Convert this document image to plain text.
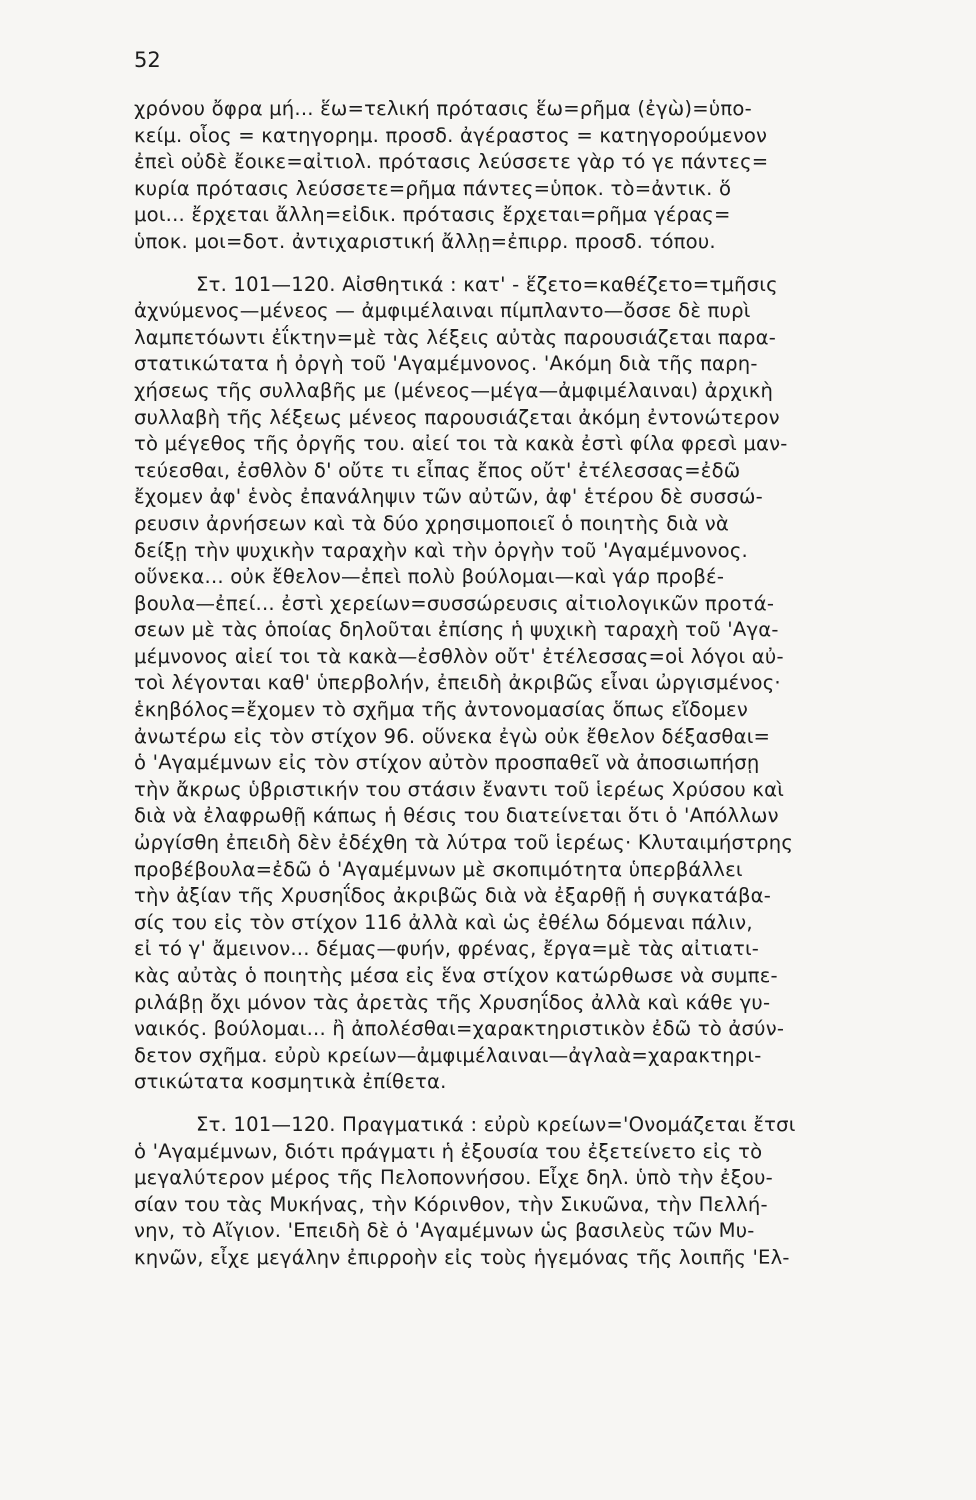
52

χρόνου ὄφρα μή... ἕω=τελική πρότασις ἕω=ρῆμα (ἐγὼ)=ὑπο-
κείμ. οἷος = κατηγορημ. προσδ. ἀγέραστος = κατηγορούμενον
ἐπεὶ οὐδὲ ἔοικε=αἰτιολ. πρότασις λεύσσετε γὰρ τό γε πάντες=
κυρία πρότασις λεύσσετε=ρῆμα πάντες=ὑποκ. τὸ=ἀντικ. ὅ
μοι... ἔρχεται ἄλλη=εἰδικ. πρότασις ἔρχεται=ρῆμα γέρας=
ὑποκ. μοι=δοτ. ἀντιχαριστική ἄλλῃ=ἐπιρρ. προσδ. τόπου.

Στ. 101—120. Αἰσθητικά : κατ' - ἕζετο=καθέζετο=τμῆσις
ἀχνύμενος—μένεος — ἀμφιμέλαιναι πίμπλαντο—ὄσσε δὲ πυρὶ
λαμπετόωντι ἐΐκτην=μὲ τὰς λέξεις αὐτὰς παρουσιάζεται παρα-
στατικώτατα ἡ ὀργὴ τοῦ 'Αγαμέμνονος. 'Ακόμη διὰ τῆς παρη-
χήσεως τῆς συλλαβῆς με (μένεος—μέγα—ἀμφιμέλαιναι) ἀρχικὴ
συλλαβὴ τῆς λέξεως μένεος παρουσιάζεται ἀκόμη ἐντονώτερον
τὸ μέγεθος τῆς ὀργῆς του. αἰεί τοι τὰ κακὰ ἐστὶ φίλα φρεσὶ μαν-
τεύεσθαι, ἐσθλὸν δ' οὔτε τι εἶπας ἔπος οὔτ' ἐτέλεσσας=ἐδῶ
ἔχομεν ἀφ' ἑνὸς ἐπανάληψιν τῶν αὐτῶν, ἀφ' ἑτέρου δὲ συσσώ-
ρευσιν ἀρνήσεων καὶ τὰ δύο χρησιμοποιεῖ ὁ ποιητὴς διὰ νὰ
δείξῃ τὴν ψυχικὴν ταραχὴν καὶ τὴν ὀργὴν τοῦ 'Αγαμέμνονος.
οὕνεκα... οὐκ ἔθελον—ἐπεὶ πολὺ βούλομαι—καὶ γάρ προβέ-
βουλα—ἐπεί... ἐστὶ χερείων=συσσώρευσις αἰτιολογικῶν προτά-
σεων μὲ τὰς ὁποίας δηλοῦται ἐπίσης ἡ ψυχικὴ ταραχὴ τοῦ 'Αγα-
μέμνονος αἰεί τοι τὰ κακὰ—ἐσθλὸν οὔτ' ἐτέλεσσας=οἱ λόγοι αὐ-
τοὶ λέγονται καθ' ὑπερβολήν, ἐπειδὴ ἀκριβῶς εἶναι ὠργισμένος·
ἑκηβόλος=ἔχομεν τὸ σχῆμα τῆς ἀντονομασίας ὅπως εἴδομεν
ἀνωτέρω εἰς τὸν στίχον 96. οὕνεκα ἐγὼ οὐκ ἔθελον δέξασθαι=
ὁ 'Αγαμέμνων εἰς τὸν στίχον αὐτὸν προσπαθεῖ νὰ ἀποσιωπήσῃ
τὴν ἄκρως ὑβριστικήν του στάσιν ἔναντι τοῦ ἱερέως Χρύσου καὶ
διὰ νὰ ἐλαφρωθῇ κάπως ἡ θέσις του διατείνεται ὅτι ὁ 'Απόλλων
ὠργίσθη ἐπειδὴ δὲν ἐδέχθη τὰ λύτρα τοῦ ἱερέως· Κλυταιμήστρης
προβέβουλα=ἐδῶ ὁ 'Αγαμέμνων μὲ σκοπιμότητα ὑπερβάλλει
τὴν ἀξίαν τῆς Χρυσηΐδος ἀκριβῶς διὰ νὰ ἐξαρθῇ ἡ συγκατάβα-
σίς του εἰς τὸν στίχον 116 ἀλλὰ καὶ ὡς ἐθέλω δόμεναι πάλιν,
εἰ τό γ' ἄμεινον... δέμας—φυήν, φρένας, ἔργα=μὲ τὰς αἰτιατι-
κὰς αὐτὰς ὁ ποιητὴς μέσα εἰς ἕνα στίχον κατώρθωσε νὰ συμπε-
ριλάβῃ ὄχι μόνον τὰς ἀρετὰς τῆς Χρυσηΐδος ἀλλὰ καὶ κάθε γυ-
ναικός. βούλομαι... ἢ ἀπολέσθαι=χαρακτηριστικὸν ἐδῶ τὸ ἀσύν-
δετον σχῆμα. εὐρὺ κρείων—ἀμφιμέλαιναι—ἀγλαὰ=χαρακτηρι-
στικώτατα κοσμητικὰ ἐπίθετα.

Στ. 101—120. Πραγματικά : εὐρὺ κρείων='Ονομάζεται ἔτσι
ὁ 'Αγαμέμνων, διότι πράγματι ἡ ἐξουσία του ἐξετείνετο εἰς τὸ
μεγαλύτερον μέρος τῆς Πελοποννήσου. Εἶχε δηλ. ὑπὸ τὴν ἐξου-
σίαν του τὰς Μυκήνας, τὴν Κόρινθον, τὴν Σικυῶνα, τὴν Πελλή-
νην, τὸ Αἴγιον. 'Επειδὴ δὲ ὁ 'Αγαμέμνων ὡς βασιλεὺς τῶν Μυ-
κηνῶν, εἶχε μεγάλην ἐπιρροὴν εἰς τοὺς ἡγεμόνας τῆς λοιπῆς 'Ελ-
